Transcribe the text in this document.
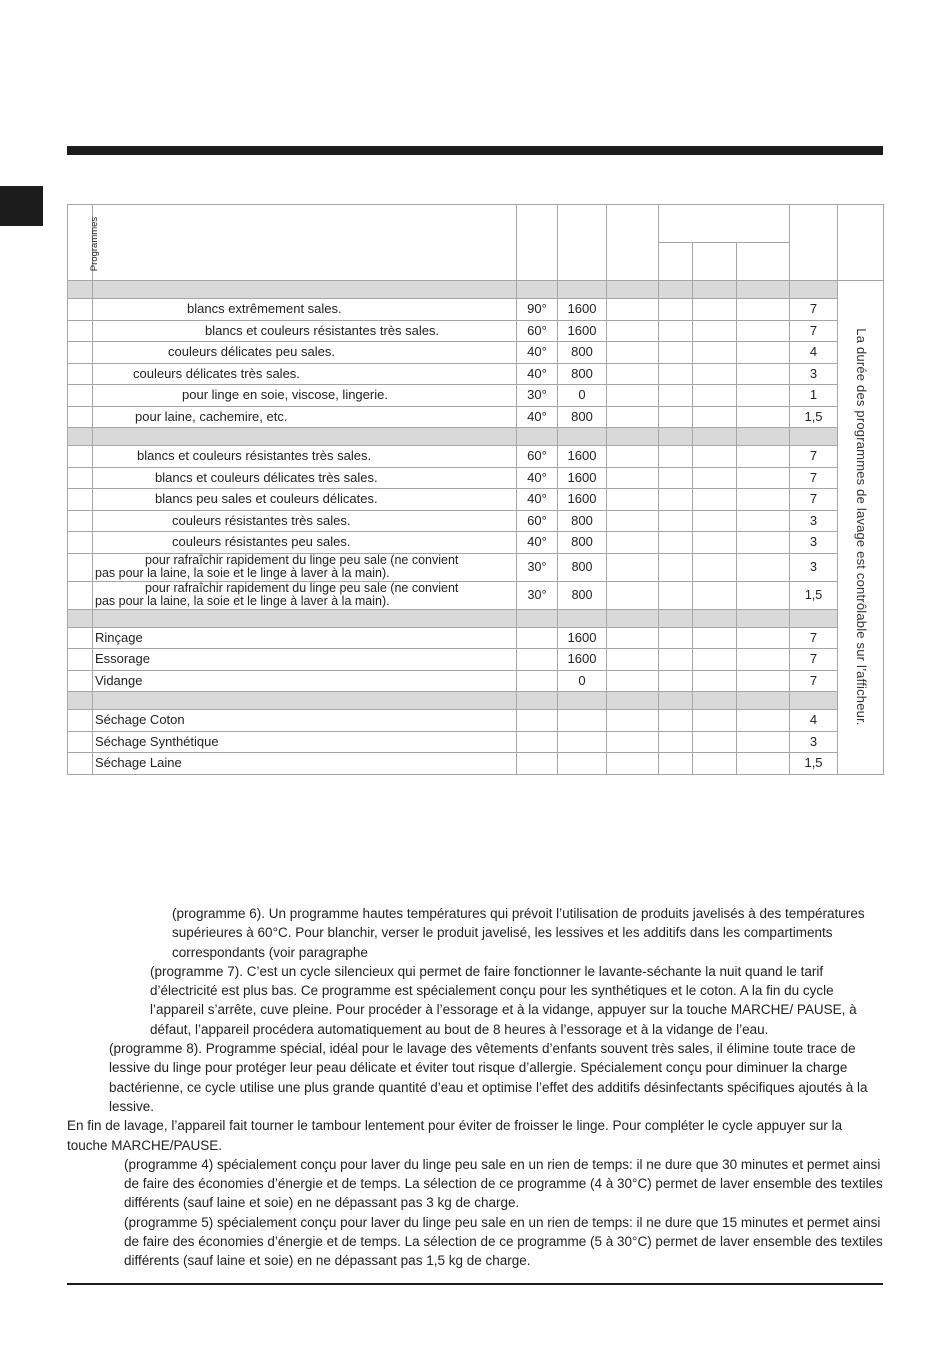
Programmes									

									La durée des programmes de lavage est contrôlable sur l’afficheur.

	blancs extrêmement sales.	90°	1600					7	
	blancs et couleurs résistantes très sales.	60°	1600					7	
	couleurs délicates peu sales.	40°	800					4	
	couleurs délicates très sales.	40°	800					3	
	pour linge en soie, viscose, lingerie.	30°	0					1	
	pour laine, cachemire, etc.	40°	800					1,5	

	blancs et couleurs résistantes très sales.	60°	1600					7	
	blancs et couleurs délicates très sales.	40°	1600					7	
	blancs peu sales et couleurs délicates.	40°	1600					7	
	couleurs résistantes très sales.	60°	800					3	
	couleurs résistantes peu sales.	40°	800					3	

	pour rafraîchir rapidement du linge peu sale (ne convient
pas pour la laine, la soie et le linge à laver à la main).	30°	800					3	

	pour rafraîchir rapidement du linge peu sale (ne convient
pas pour la laine, la soie et le linge à laver à la main).	30°	800					1,5	

	Rinçage		1600					7	
	Essorage		1600					7	
	Vidange		0					7	

	Séchage Coton							4	
	Séchage Synthétique							3	
	Séchage Laine							1,5	

(programme 6). Un programme hautes températures qui prévoit l’utilisation de produits javelisés à des températures supérieures à 60°C. Pour blanchir, verser le produit javelisé, les lessives et les additifs dans les compartiments correspondants (voir paragraphe

(programme 7). C’est un cycle silencieux qui permet de faire fonctionner le lavante-séchante la nuit quand le tarif d’électricité est plus bas. Ce programme est spécialement conçu pour les synthétiques et le coton. A la fin du cycle l’appareil s’arrête, cuve pleine. Pour procéder à l’essorage et à la vidange, appuyer sur la touche MARCHE/ PAUSE, à défaut, l’appareil procédera automatiquement au bout de 8 heures à l’essorage et à la vidange de l’eau.

(programme 8). Programme spécial, idéal pour le lavage des vêtements d’enfants souvent très sales, il élimine toute trace de lessive du linge pour protéger leur peau délicate et éviter tout risque d’allergie. Spécialement conçu pour diminuer la charge bactérienne, ce cycle utilise une plus grande quantité d’eau et optimise l’effet des additifs désinfectants spécifiques ajoutés à la lessive.

En fin de lavage, l’appareil fait tourner le tambour lentement pour éviter de froisser le linge. Pour compléter le cycle appuyer sur la touche MARCHE/PAUSE.

(programme 4) spécialement conçu pour laver du linge peu sale en un rien de temps: il ne dure que 30 minutes et permet ainsi de faire des économies d’énergie et de temps. La sélection de ce programme (4 à 30°C) permet de laver ensemble des textiles différents (sauf laine et soie) en ne dépassant pas 3 kg de charge.

(programme 5) spécialement conçu pour laver du linge peu sale en un rien de temps: il ne dure que 15 minutes et permet ainsi de faire des économies d’énergie et de temps. La sélection de ce programme (5 à 30°C) permet de laver ensemble des textiles différents (sauf laine et soie) en ne dépassant pas 1,5 kg de charge.
